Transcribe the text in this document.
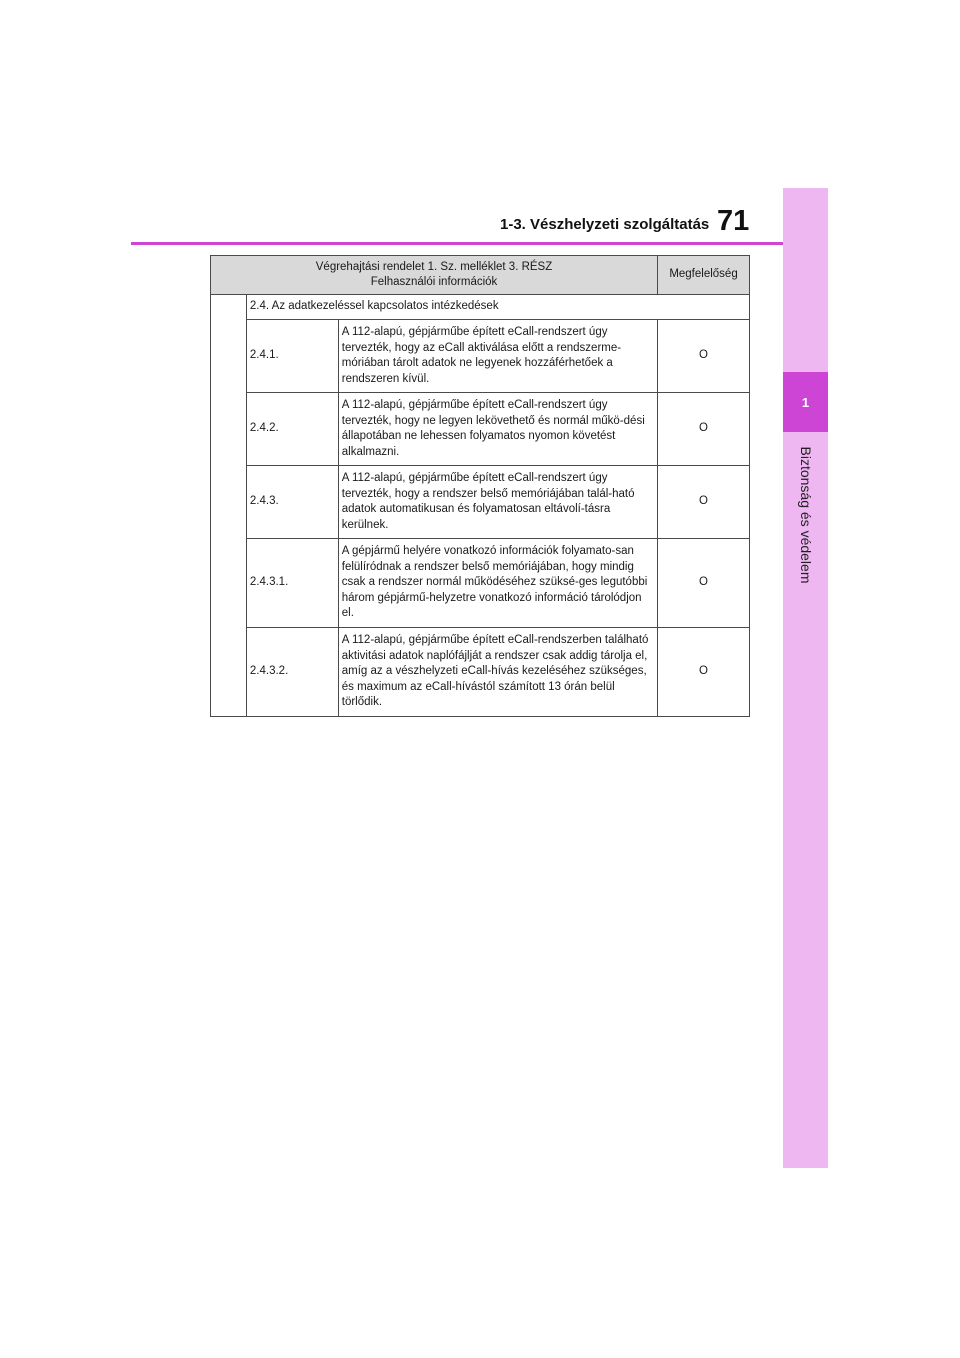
1
Biztonság és védelem
1-3. Vészhelyzeti szolgáltatás 71
Végrehajtási rendelet 1. Sz. melléklet 3. RÉSZ
Felhasználói információk			Megfelelőség
	2.4. Az adatkezeléssel kapcsolatos intézkedések		
	2.4.1.	A 112-alapú, gépjárműbe épített eCall-rendszert úgy tervezték, hogy az eCall aktiválása előtt a rendszerme-móriában tárolt adatok ne legyenek hozzáférhetőek a rendszeren kívül.	O
	2.4.2.	A 112-alapú, gépjárműbe épített eCall-rendszert úgy tervezték, hogy ne legyen lekövethető és normál műkö-dési állapotában ne lehessen folyamatos nyomon követést alkalmazni.	O
	2.4.3.	A 112-alapú, gépjárműbe épített eCall-rendszert úgy tervezték, hogy a rendszer belső memóriájában talál-ható adatok automatikusan és folyamatosan eltávolí-tásra kerülnek.	O
	2.4.3.1.	A gépjármű helyére vonatkozó információk folyamato-san felülíródnak a rendszer belső memóriájában, hogy mindig csak a rendszer normál működéséhez szüksé-ges legutóbbi három gépjármű-helyzetre vonatkozó információ tárolódjon el.	O
	2.4.3.2.	A 112-alapú, gépjárműbe épített eCall-rendszerben található aktivitási adatok naplófájlját a rendszer csak addig tárolja el, amíg az a vészhelyzeti eCall-hívás kezeléséhez szükséges, és maximum az eCall-hívástól számított 13 órán belül törlődik.	O
